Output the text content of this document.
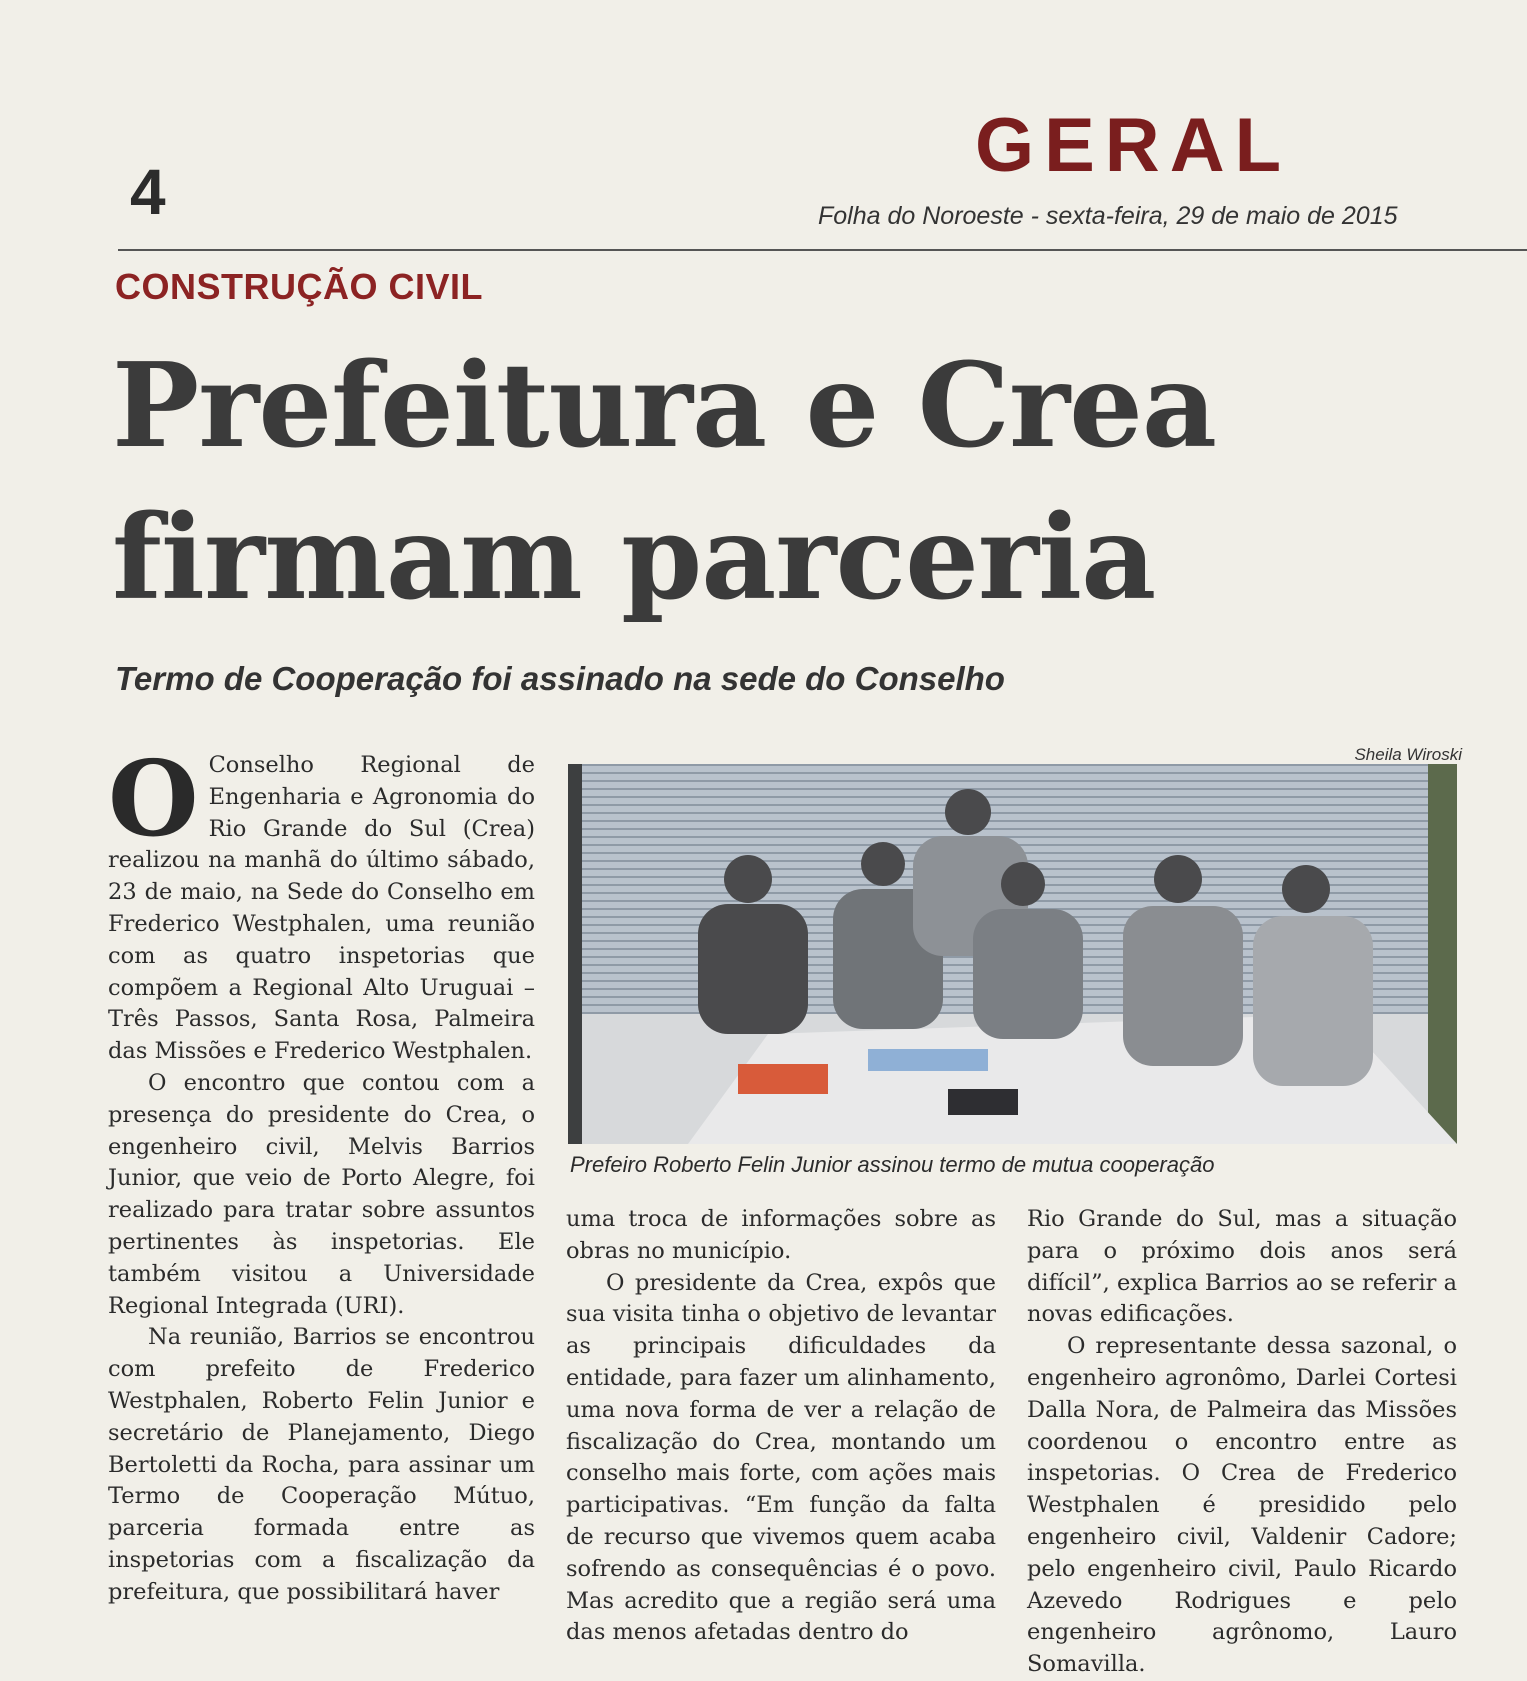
4
GERAL
Folha do Noroeste - sexta-feira, 29 de maio de 2015
CONSTRUÇÃO CIVIL
Prefeitura e Crea firmam parceria
Termo de Cooperação foi assinado na sede do Conselho
Sheila Wiroski
Prefeiro Roberto Felin Junior assinou termo de mutua cooperação

O Conselho Regional de Engenharia e Agronomia do Rio Grande do Sul (Crea) realizou na manhã do último sábado, 23 de maio, na Sede do Conselho em Frederico Westphalen, uma reunião com as quatro inspetorias que compõem a Regional Alto Uruguai – Três Passos, Santa Rosa, Palmeira das Missões e Frederico Westphalen.

O encontro que contou com a presença do presidente do Crea, o engenheiro civil, Melvis Barrios Junior, que veio de Porto Alegre, foi realizado para tratar sobre assuntos pertinentes às inspetorias. Ele também visitou a Universidade Regional Integrada (URI).

Na reunião, Barrios se encontrou com prefeito de Frederico Westphalen, Roberto Felin Junior e secretário de Planejamento, Diego Bertoletti da Rocha, para assinar um Termo de Cooperação Mútuo, parceria formada entre as inspetorias com a fiscalização da prefeitura, que possibilitará haver

uma troca de informações sobre as obras no município.

O presidente da Crea, expôs que sua visita tinha o objetivo de levantar as principais dificuldades da entidade, para fazer um alinhamento, uma nova forma de ver a relação de fiscalização do Crea, montando um conselho mais forte, com ações mais participativas. “Em função da falta de recurso que vivemos quem acaba sofrendo as consequências é o povo. Mas acredito que a região será uma das menos afetadas dentro do

Rio Grande do Sul, mas a situação para o próximo dois anos será difícil”, explica Barrios ao se referir a novas edificações.

O representante dessa sazonal, o engenheiro agronômo, Darlei Cortesi Dalla Nora, de Palmeira das Missões coordenou o encontro entre as inspetorias. O Crea de Frederico Westphalen é presidido pelo engenheiro civil, Valdenir Cadore; pelo engenheiro civil, Paulo Ricardo Azevedo Rodrigues e pelo engenheiro agrônomo, Lauro Somavilla.
